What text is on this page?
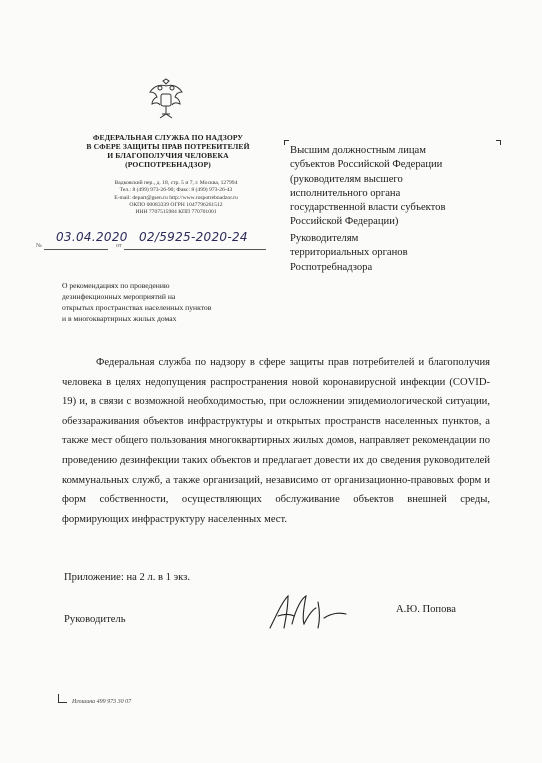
ФЕДЕРАЛЬНАЯ СЛУЖБА ПО НАДЗОРУ
В СФЕРЕ ЗАЩИТЫ ПРАВ ПОТРЕБИТЕЛЕЙ
И БЛАГОПОЛУЧИЯ ЧЕЛОВЕКА
(РОСПОТРЕБНАДЗОР)
Вадковский пер., д. 18, стр. 5 и 7, г. Москва, 127994
Тел.: 8 (499) 973-26-90; Факс: 8 (499) 973-26-43
E-mail: depart@gsen.ru http://www.rospotrebnadzor.ru
ОКПО 00083339 ОГРН 1047796261512
ИНН 7707515984 КПП 770701001
03.04.2020 02/5925-2020-24
№	от
Высшим должностным лицам
субъектов Российской Федерации
(руководителям высшего
исполнительного органа
государственной власти субъектов
Российской Федерации)
Руководителям
территориальных органов
Роспотребнадзора
О рекомендациях по проведению
дезинфекционных мероприятий на
открытых пространствах населенных пунктов
и в многоквартирных жилых домах

Федеральная служба по надзору в сфере защиты прав потребителей и благополучия человека в целях недопущения распространения новой коронавирусной инфекции (COVID-19) и, в связи с возможной необходимостью, при осложнении эпидемиологической ситуации, обеззараживания объектов инфраструктуры и открытых пространств населенных пунктов, а также мест общего пользования многоквартирных жилых домов, направляет рекомендации по проведению дезинфекции таких объектов и предлагает довести их до сведения руководителей коммунальных служб, а также организаций, независимо от организационно-правовых форм и форм собственности, осуществляющих обслуживание объектов внешней среды, формирующих инфраструктуру населенных мест.

Приложение: на 2 л. в 1 экз.
Руководитель
А.Ю. Попова
Игошина 499 973 30 07
